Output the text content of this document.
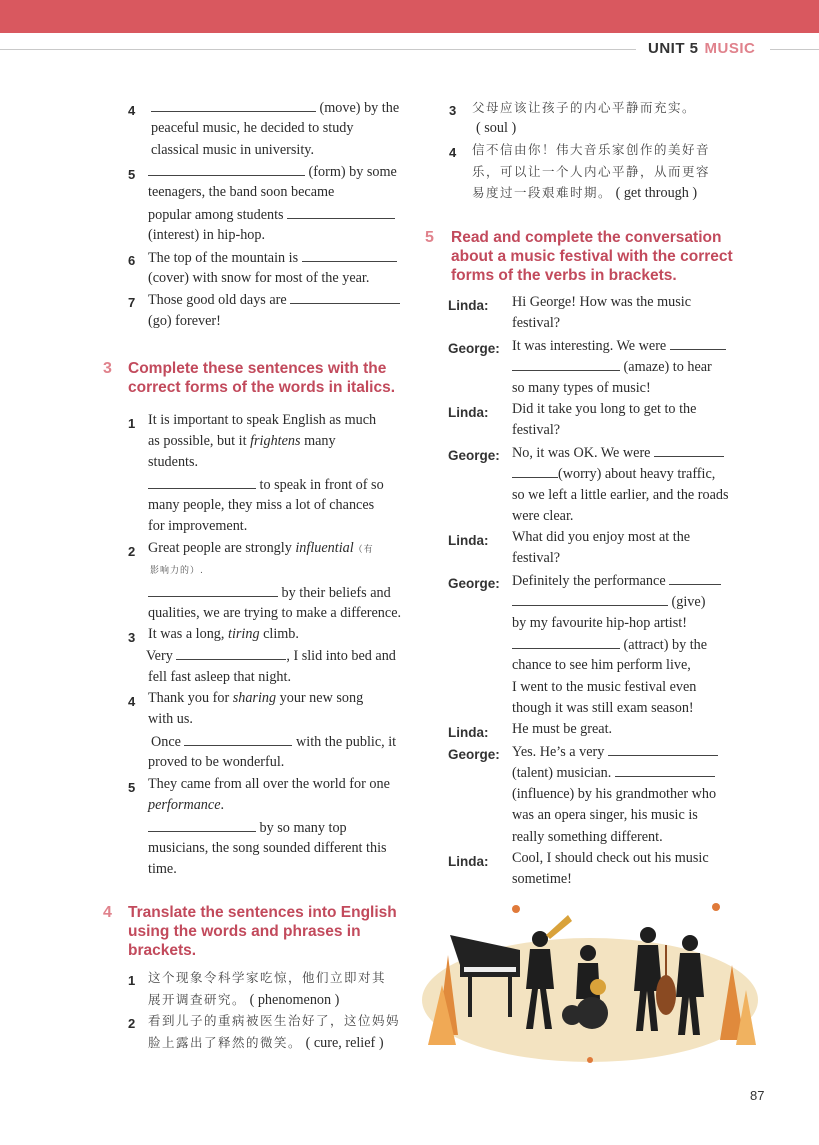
UNIT 5 MUSIC
4	(move) by the
peaceful music, he decided to study
classical music in university.
5	(form) by some
teenagers, the band soon became
popular among students
(interest) in hip-hop.
6 The top of the mountain is
(cover) with snow for most of the year.
7 Those good old days are
(go) forever!
3 Complete these sentences with the
correct forms of the words in italics.
1 It is important to speak English as much
as possible, but it frightens many
students.
to speak in front of so
many people, they miss a lot of chances
for improvement.
2 Great people are strongly influential（有
影响力的）.
by their beliefs and
qualities, we are trying to make a difference.
3 It was a long, tiring climb.
Very	, I slid into bed and
fell fast asleep that night.
4 Thank you for sharing your new song
with us.
Once	with the public, it
proved to be wonderful.
5 They came from all over the world for one
performance.
by so many top
musicians, the song sounded different this
time.
4 Translate the sentences into English
using the words and phrases in
brackets.
1 这个现象令科学家吃惊，他们立即对其
展开调查研究。 ( phenomenon )
2 看到儿子的重病被医生治好了，这位妈妈
脸上露出了释然的微笑。 ( cure, relief )
3 父母应该让孩子的内心平静而充实。
( soul )
4 信不信由你！伟大音乐家创作的美好音
乐，可以让一个人内心平静，从而更容
易度过一段艰难时期。 ( get through )
5 Read and complete the conversation
about a music festival with the correct
forms of the verbs in brackets.
Linda: Hi George! How was the music
festival?
George: It was interesting. We were
(amaze) to hear
so many types of music!
Linda: Did it take you long to get to the
festival?
George: No, it was OK. We were
(worry) about heavy traffic,
so we left a little earlier, and the roads
were clear.
Linda: What did you enjoy most at the
festival?
George: Definitely the performance
(give)
by my favourite hip-hop artist!
(attract) by the
chance to see him perform live,
I went to the music festival even
though it was still exam season!
Linda: He must be great.
George: Yes. He’s a very
(talent) musician.
(influence) by his grandmother who
was an opera singer, his music is
really something different.
Linda: Cool, I should check out his music
sometime!
87
